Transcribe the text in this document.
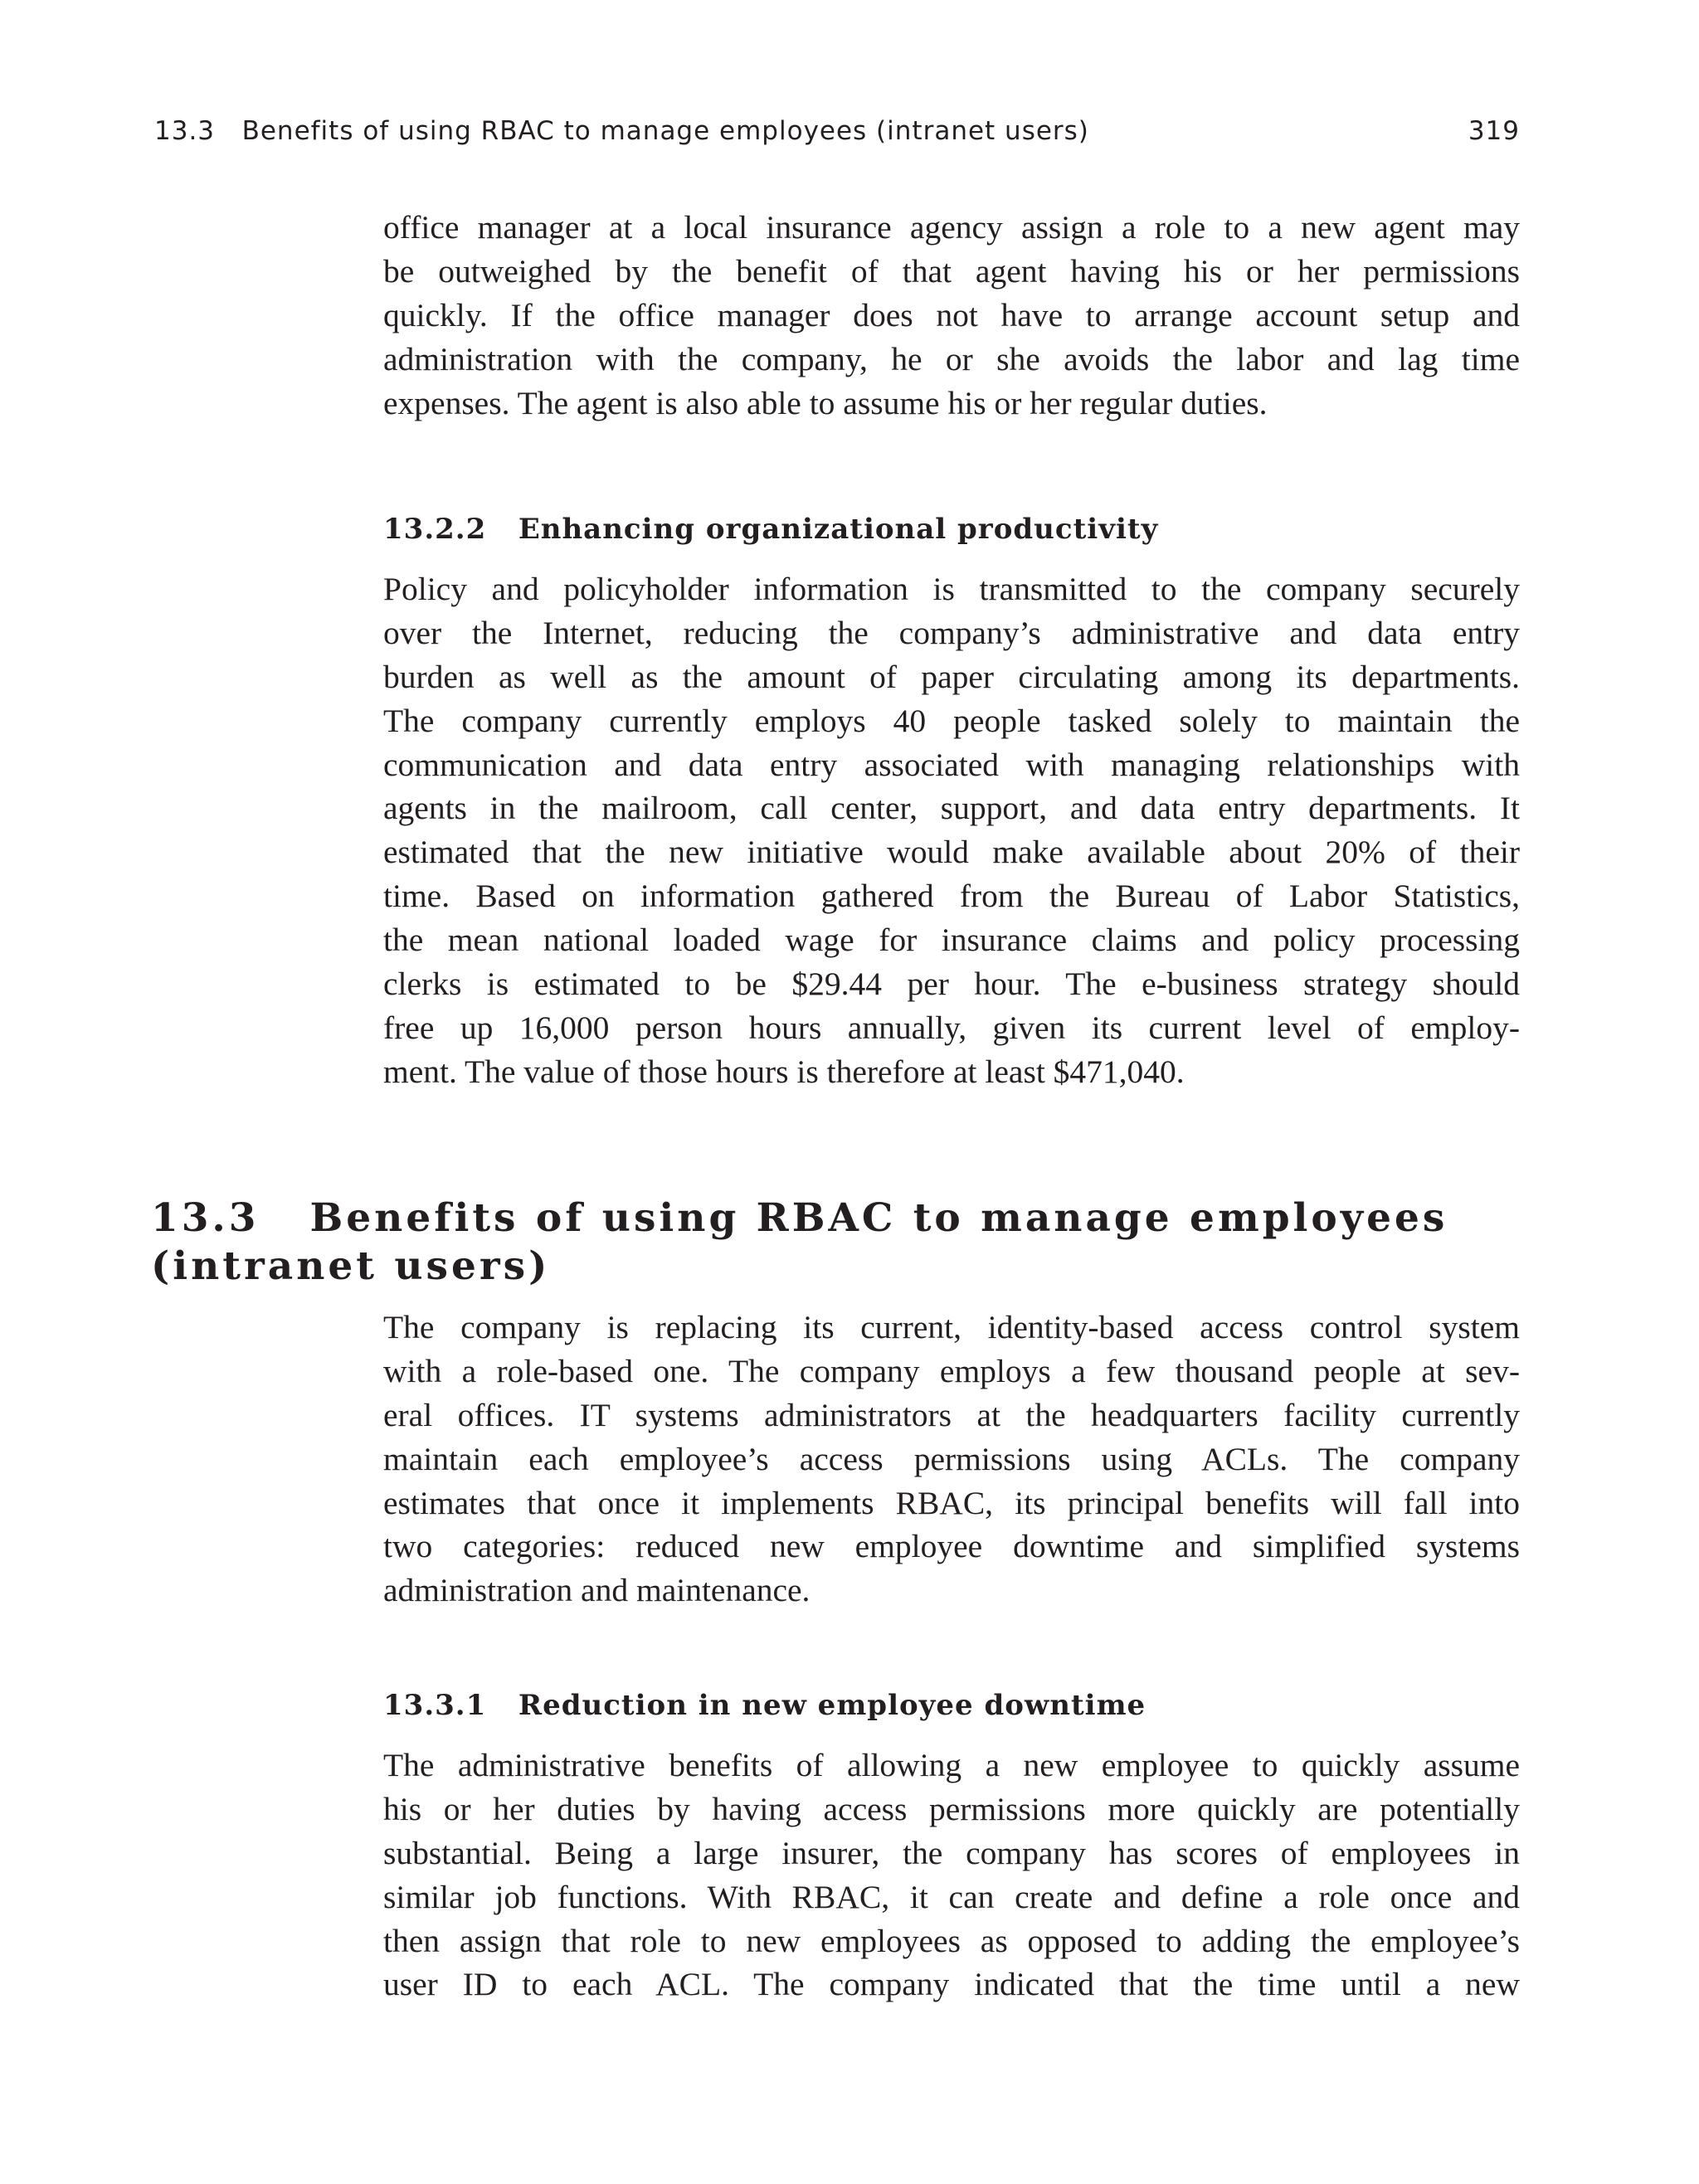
13.3   Benefits of using RBAC to manage employees (intranet users)	319
office manager at a local insurance agency assign a role to a new agent may
be outweighed by the benefit of that agent having his or her permissions
quickly. If the office manager does not have to arrange account setup and
administration with the company, he or she avoids the labor and lag time
expenses. The agent is also able to assume his or her regular duties.
13.2.2   Enhancing organizational productivity
Policy and policyholder information is transmitted to the company securely
over the Internet, reducing the company’s administrative and data entry
burden as well as the amount of paper circulating among its departments.
The company currently employs 40 people tasked solely to maintain the
communication and data entry associated with managing relationships with
agents in the mailroom, call center, support, and data entry departments. It
estimated that the new initiative would make available about 20% of their
time. Based on information gathered from the Bureau of Labor Statistics,
the mean national loaded wage for insurance claims and policy processing
clerks is estimated to be $29.44 per hour. The e-business strategy should
free up 16,000 person hours annually, given its current level of employ-
ment. The value of those hours is therefore at least $471,040.
13.3   Benefits of using RBAC to manage employees
(intranet users)
The company is replacing its current, identity-based access control system
with a role-based one. The company employs a few thousand people at sev-
eral offices. IT systems administrators at the headquarters facility currently
maintain each employee’s access permissions using ACLs. The company
estimates that once it implements RBAC, its principal benefits will fall into
two categories: reduced new employee downtime and simplified systems
administration and maintenance.
13.3.1   Reduction in new employee downtime
The administrative benefits of allowing a new employee to quickly assume
his or her duties by having access permissions more quickly are potentially
substantial. Being a large insurer, the company has scores of employees in
similar job functions. With RBAC, it can create and define a role once and
then assign that role to new employees as opposed to adding the employee’s
user ID to each ACL. The company indicated that the time until a new
